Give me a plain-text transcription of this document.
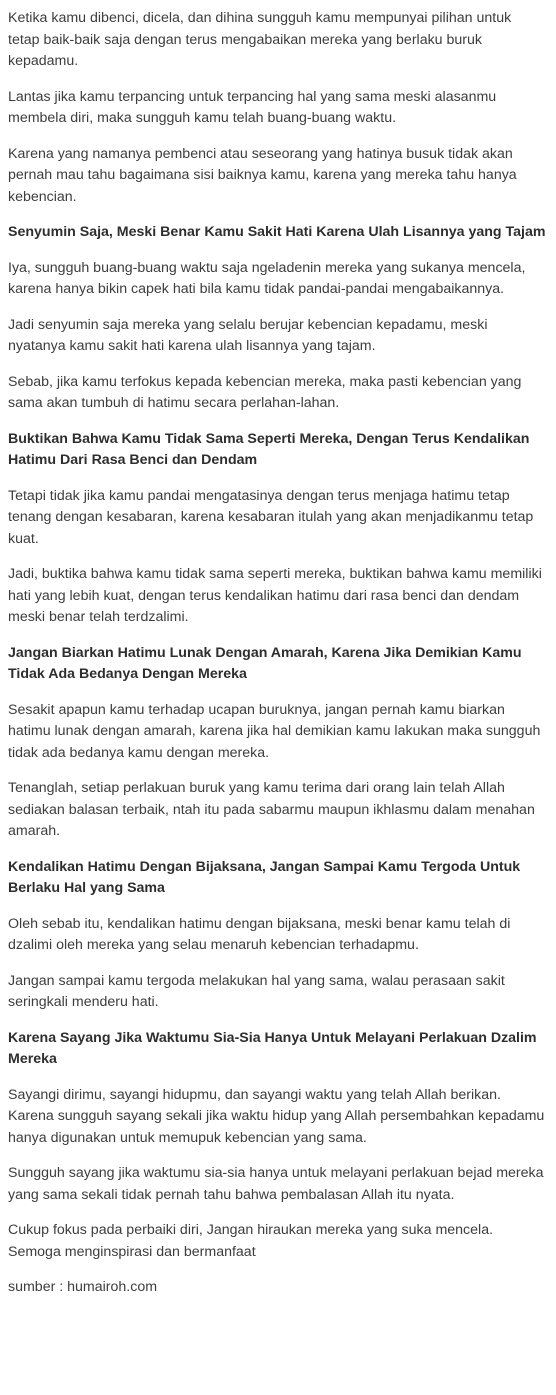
Ketika kamu dibenci, dicela, dan dihina sungguh kamu mempunyai pilihan untuk tetap baik-baik saja dengan terus mengabaikan mereka yang berlaku buruk kepadamu.

Lantas jika kamu terpancing untuk terpancing hal yang sama meski alasanmu membela diri, maka sungguh kamu telah buang-buang waktu.

Karena yang namanya pembenci atau seseorang yang hatinya busuk tidak akan pernah mau tahu bagaimana sisi baiknya kamu, karena yang mereka tahu hanya kebencian.

Senyumin Saja, Meski Benar Kamu Sakit Hati Karena Ulah Lisannya yang Tajam

Iya, sungguh buang-buang waktu saja ngeladenin mereka yang sukanya mencela, karena hanya bikin capek hati bila kamu tidak pandai-pandai mengabaikannya.

Jadi senyumin saja mereka yang selalu berujar kebencian kepadamu, meski nyatanya kamu sakit hati karena ulah lisannya yang tajam.

Sebab, jika kamu terfokus kepada kebencian mereka, maka pasti kebencian yang sama akan tumbuh di hatimu secara perlahan-lahan.

Buktikan Bahwa Kamu Tidak Sama Seperti Mereka, Dengan Terus Kendalikan Hatimu Dari Rasa Benci dan Dendam

Tetapi tidak jika kamu pandai mengatasinya dengan terus menjaga hatimu tetap tenang dengan kesabaran, karena kesabaran itulah yang akan menjadikanmu tetap kuat.

Jadi, buktika bahwa kamu tidak sama seperti mereka, buktikan bahwa kamu memiliki hati yang lebih kuat, dengan terus kendalikan hatimu dari rasa benci dan dendam meski benar telah terdzalimi.

Jangan Biarkan Hatimu Lunak Dengan Amarah, Karena Jika Demikian Kamu Tidak Ada Bedanya Dengan Mereka

Sesakit apapun kamu terhadap ucapan buruknya, jangan pernah kamu biarkan hatimu lunak dengan amarah, karena jika hal demikian kamu lakukan maka sungguh tidak ada bedanya kamu dengan mereka.

Tenanglah, setiap perlakuan buruk yang kamu terima dari orang lain telah Allah sediakan balasan terbaik, ntah itu pada sabarmu maupun ikhlasmu dalam menahan amarah.

Kendalikan Hatimu Dengan Bijaksana, Jangan Sampai Kamu Tergoda Untuk Berlaku Hal yang Sama

Oleh sebab itu, kendalikan hatimu dengan bijaksana, meski benar kamu telah di dzalimi oleh mereka yang selau menaruh kebencian terhadapmu.

Jangan sampai kamu tergoda melakukan hal yang sama, walau perasaan sakit seringkali menderu hati.

Karena Sayang Jika Waktumu Sia-Sia Hanya Untuk Melayani Perlakuan Dzalim Mereka

Sayangi dirimu, sayangi hidupmu, dan sayangi waktu yang telah Allah berikan. Karena sungguh sayang sekali jika waktu hidup yang Allah persembahkan kepadamu hanya digunakan untuk memupuk kebencian yang sama.

Sungguh sayang jika waktumu sia-sia hanya untuk melayani perlakuan bejad mereka yang sama sekali tidak pernah tahu bahwa pembalasan Allah itu nyata.

Cukup fokus pada perbaiki diri, Jangan hiraukan mereka yang suka mencela. Semoga menginspirasi dan bermanfaat

sumber : humairoh.com
